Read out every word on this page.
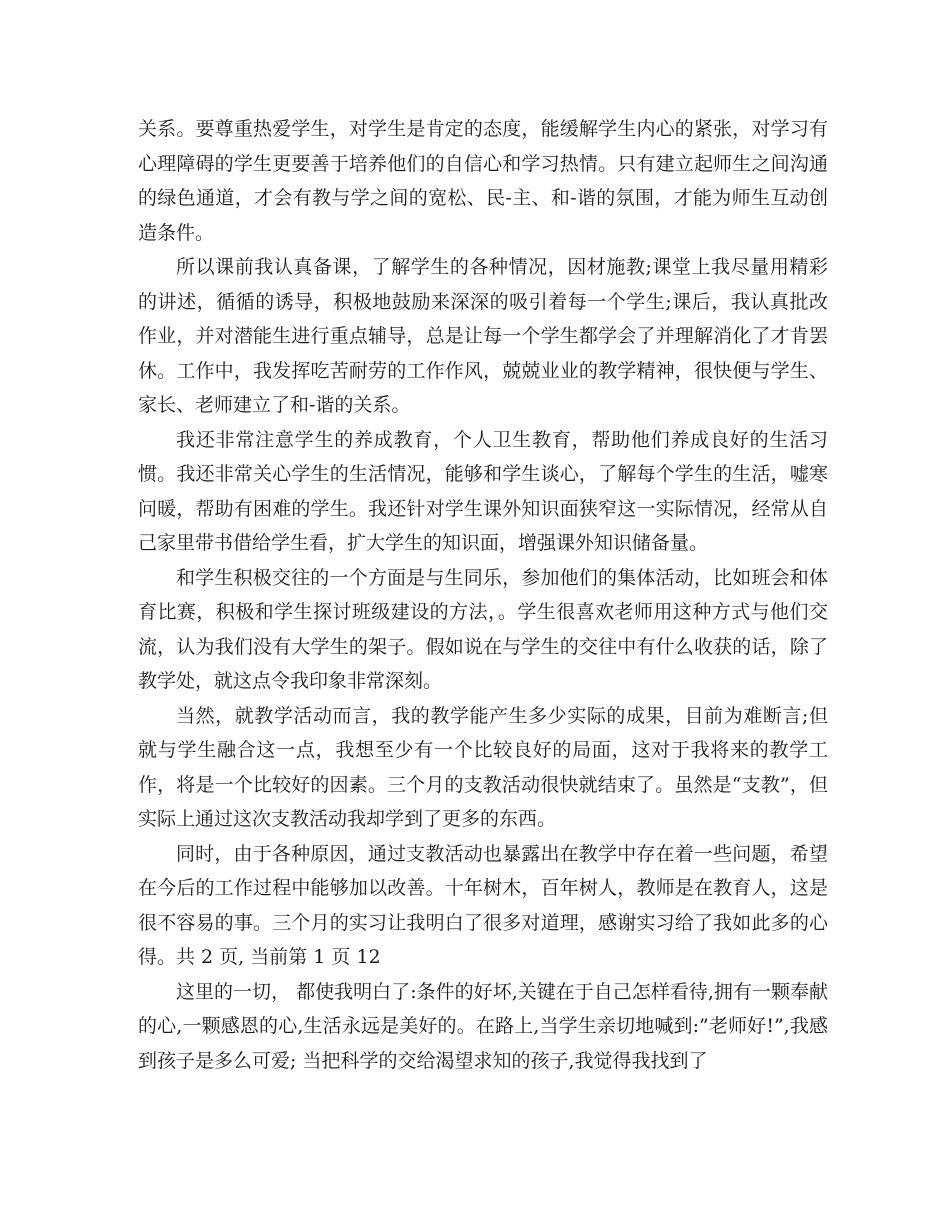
关系。要尊重热爱学生，对学生是肯定的态度，能缓解学生内心的紧张，对学习有心理障碍的学生更要善于培养他们的自信心和学习热情。只有建立起师生之间沟通的绿色通道，才会有教与学之间的宽松、民-主、和-谐的氛围，才能为师生互动创造条件。

所以课前我认真备课，了解学生的各种情况，因材施教;课堂上我尽量用精彩的讲述，循循的诱导，积极地鼓励来深深的吸引着每一个学生;课后，我认真批改作业，并对潜能生进行重点辅导，总是让每一个学生都学会了并理解消化了才肯罢休。工作中，我发挥吃苦耐劳的工作作风，兢兢业业的教学精神，很快便与学生、家长、老师建立了和-谐的关系。

我还非常注意学生的养成教育，个人卫生教育，帮助他们养成良好的生活习惯。我还非常关心学生的生活情况，能够和学生谈心，了解每个学生的生活，嘘寒问暖，帮助有困难的学生。我还针对学生课外知识面狭窄这一实际情况，经常从自己家里带书借给学生看，扩大学生的知识面，增强课外知识储备量。

和学生积极交往的一个方面是与生同乐，参加他们的集体活动，比如班会和体育比赛，积极和学生探讨班级建设的方法，。学生很喜欢老师用这种方式与他们交流，认为我们没有大学生的架子。假如说在与学生的交往中有什么收获的话，除了教学处，就这点令我印象非常深刻。

当然，就教学活动而言，我的教学能产生多少实际的成果，目前为难断言;但就与学生融合这一点，我想至少有一个比较良好的局面，这对于我将来的教学工作，将是一个比较好的因素。三个月的支教活动很快就结束了。虽然是“支教”，但实际上通过这次支教活动我却学到了更多的东西。

同时，由于各种原因，通过支教活动也暴露出在教学中存在着一些问题，希望在今后的工作过程中能够加以改善。十年树木，百年树人，教师是在教育人，这是很不容易的事。三个月的实习让我明白了很多对道理，感谢实习给了我如此多的心得。共 2 页, 当前第 1 页 12

这里的一切， 都使我明白了:条件的好坏,关键在于自己怎样看待,拥有一颗奉献的心,一颗感恩的心,生活永远是美好的。在路上,当学生亲切地喊到:”老师好!”,我感到孩子是多么可爱; 当把科学的交给渴望求知的孩子,我觉得我找到了
